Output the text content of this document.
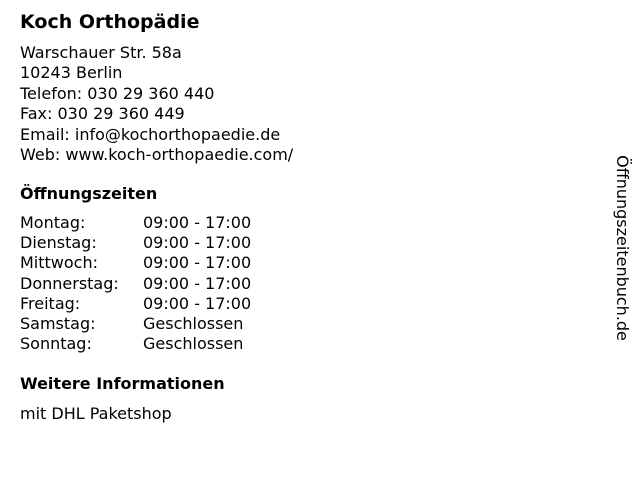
Koch Orthopädie
Warschauer Str. 58a
10243 Berlin
Telefon: 030 29 360 440
Fax: 030 29 360 449
Email: info@kochorthopaedie.de
Web: www.koch-orthopaedie.com/
Öffnungszeiten
Montag:	09:00 - 17:00
Dienstag:	09:00 - 17:00
Mittwoch:	09:00 - 17:00
Donnerstag: 09:00 - 17:00
Freitag:	09:00 - 17:00
Samstag:	Geschlossen
Sonntag:	Geschlossen
Weitere Informationen
mit DHL Paketshop
Öffnungszeitenbuch.de
